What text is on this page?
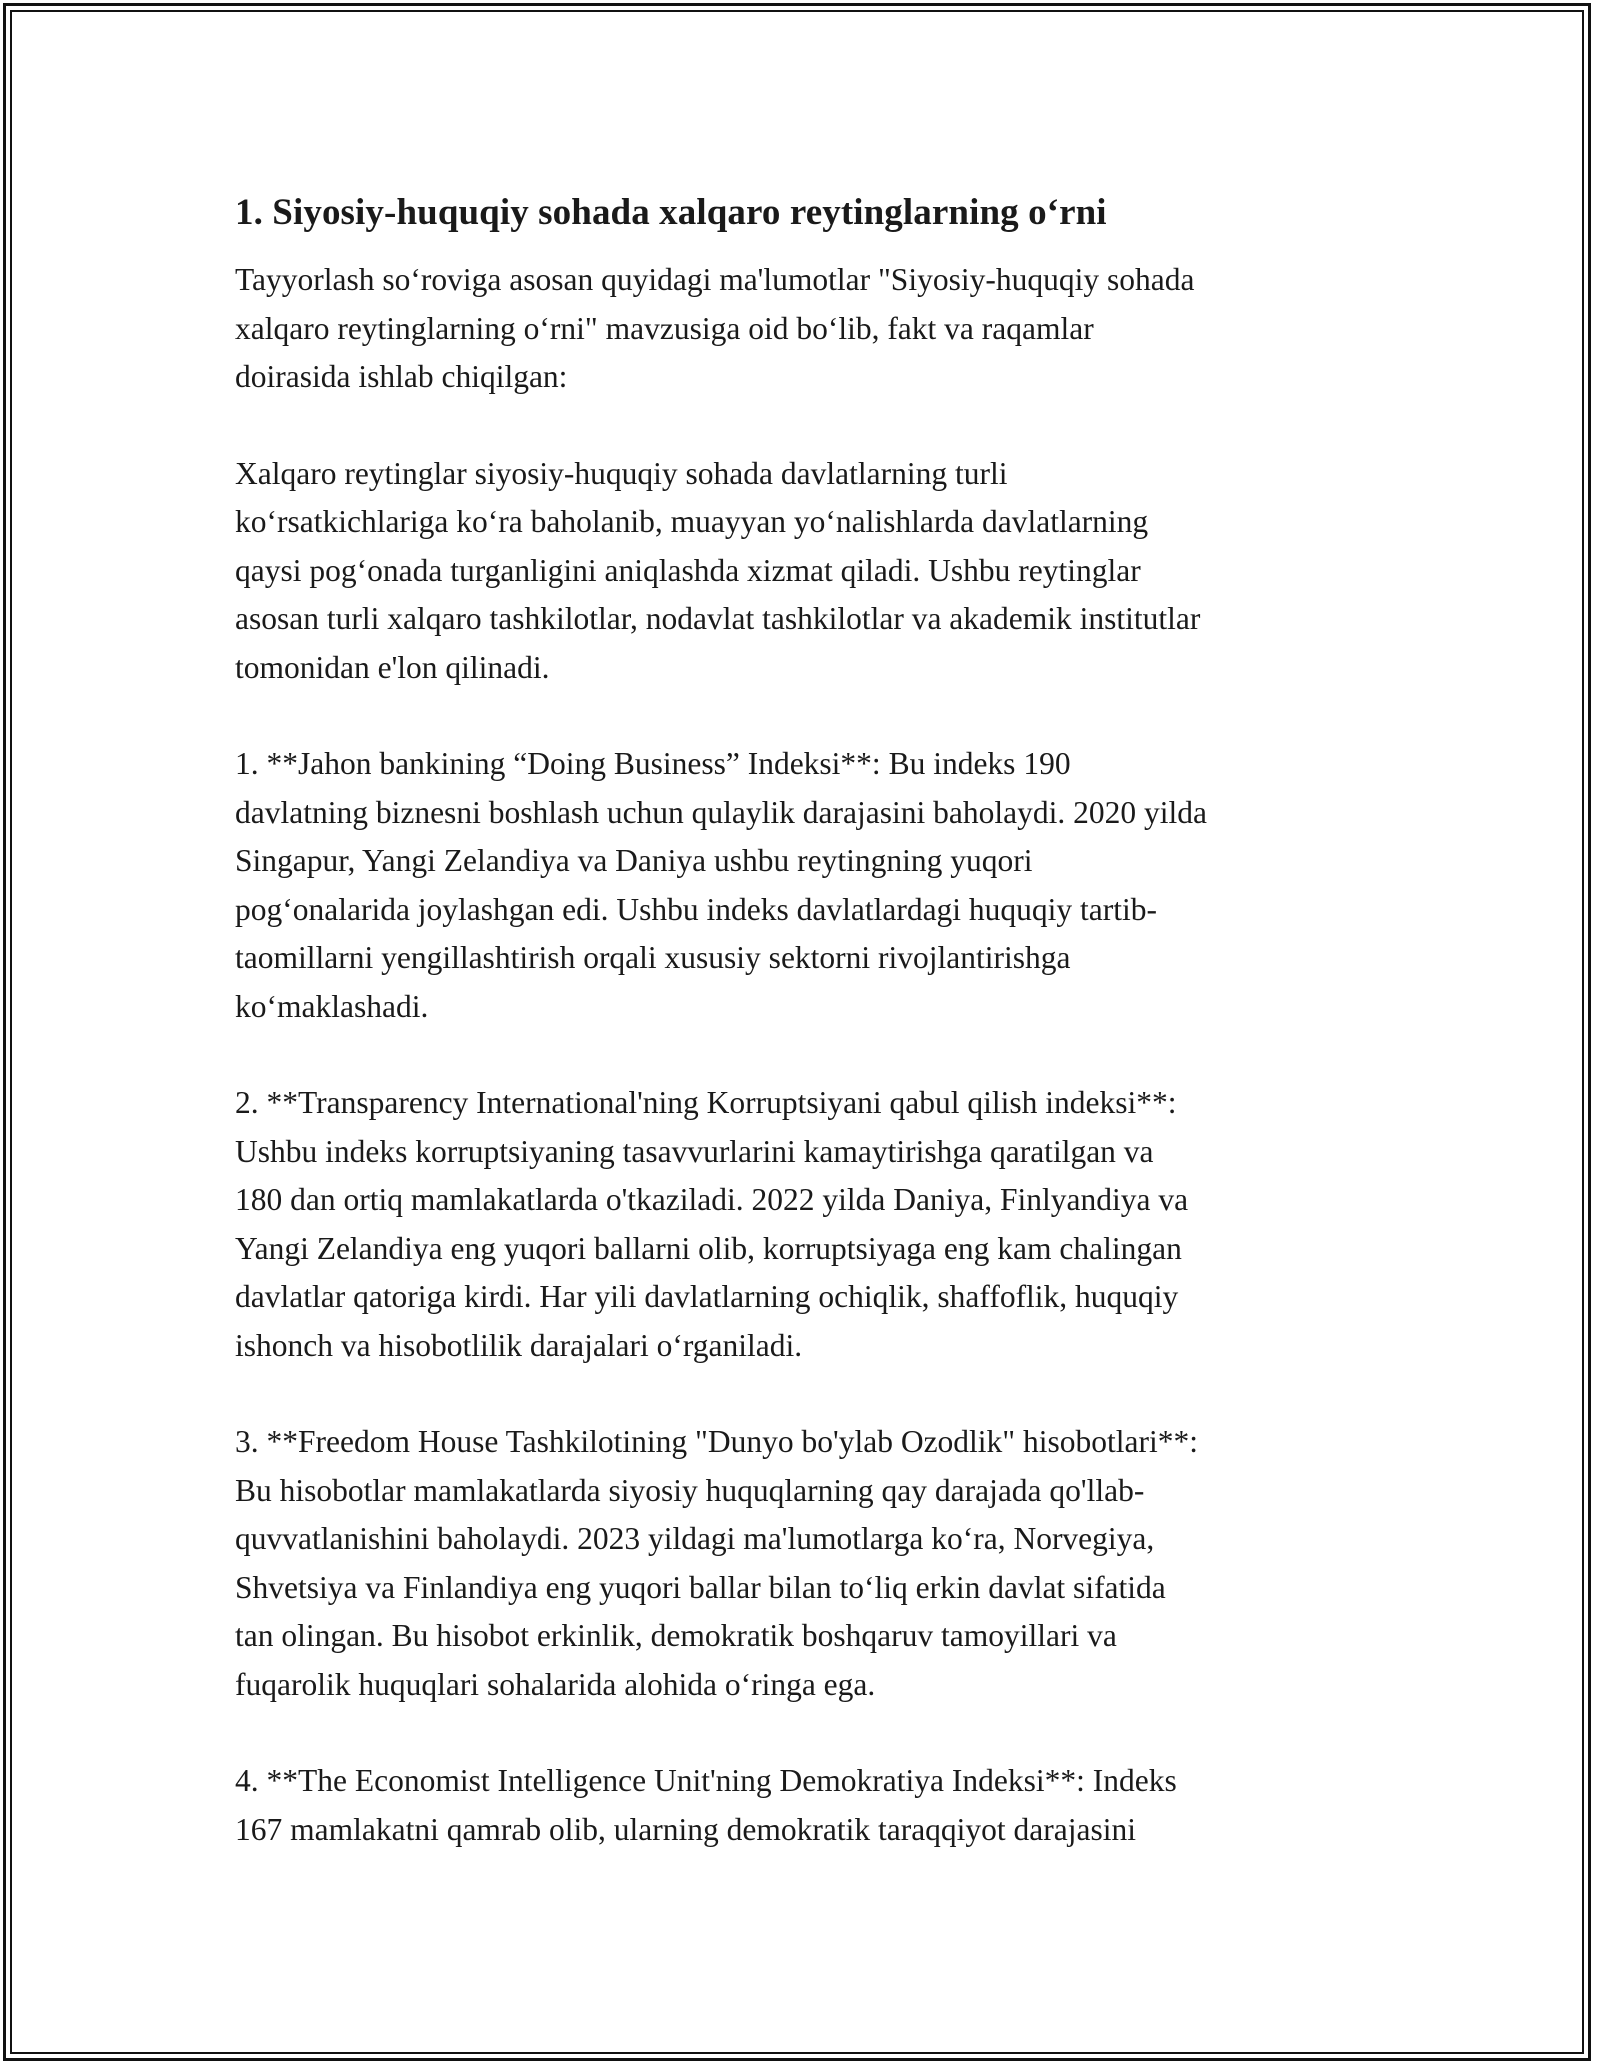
1. Siyosiy-huquqiy sohada xalqaro reytinglarning o‘rni

Tayyorlash so‘roviga asosan quyidagi ma'lumotlar "Siyosiy-huquqiy sohada
xalqaro reytinglarning o‘rni" mavzusiga oid bo‘lib, fakt va raqamlar
doirasida ishlab chiqilgan:

Xalqaro reytinglar siyosiy-huquqiy sohada davlatlarning turli
ko‘rsatkichlariga ko‘ra baholanib, muayyan yo‘nalishlarda davlatlarning
qaysi pog‘onada turganligini aniqlashda xizmat qiladi. Ushbu reytinglar
asosan turli xalqaro tashkilotlar, nodavlat tashkilotlar va akademik institutlar
tomonidan e'lon qilinadi.

1. **Jahon bankining “Doing Business” Indeksi**: Bu indeks 190
davlatning biznesni boshlash uchun qulaylik darajasini baholaydi. 2020 yilda
Singapur, Yangi Zelandiya va Daniya ushbu reytingning yuqori
pog‘onalarida joylashgan edi. Ushbu indeks davlatlardagi huquqiy tartib-
taomillarni yengillashtirish orqali xususiy sektorni rivojlantirishga
ko‘maklashadi.

2. **Transparency International'ning Korruptsiyani qabul qilish indeksi**:
Ushbu indeks korruptsiyaning tasavvurlarini kamaytirishga qaratilgan va
180 dan ortiq mamlakatlarda o'tkaziladi. 2022 yilda Daniya, Finlyandiya va
Yangi Zelandiya eng yuqori ballarni olib, korruptsiyaga eng kam chalingan
davlatlar qatoriga kirdi. Har yili davlatlarning ochiqlik, shaffoflik, huquqiy
ishonch va hisobotlilik darajalari o‘rganiladi.

3. **Freedom House Tashkilotining "Dunyo bo'ylab Ozodlik" hisobotlari**:
Bu hisobotlar mamlakatlarda siyosiy huquqlarning qay darajada qo'llab-
quvvatlanishini baholaydi. 2023 yildagi ma'lumotlarga ko‘ra, Norvegiya,
Shvetsiya va Finlandiya eng yuqori ballar bilan to‘liq erkin davlat sifatida
tan olingan. Bu hisobot erkinlik, demokratik boshqaruv tamoyillari va
fuqarolik huquqlari sohalarida alohida o‘ringa ega.

4. **The Economist Intelligence Unit'ning Demokratiya Indeksi**: Indeks
167 mamlakatni qamrab olib, ularning demokratik taraqqiyot darajasini
